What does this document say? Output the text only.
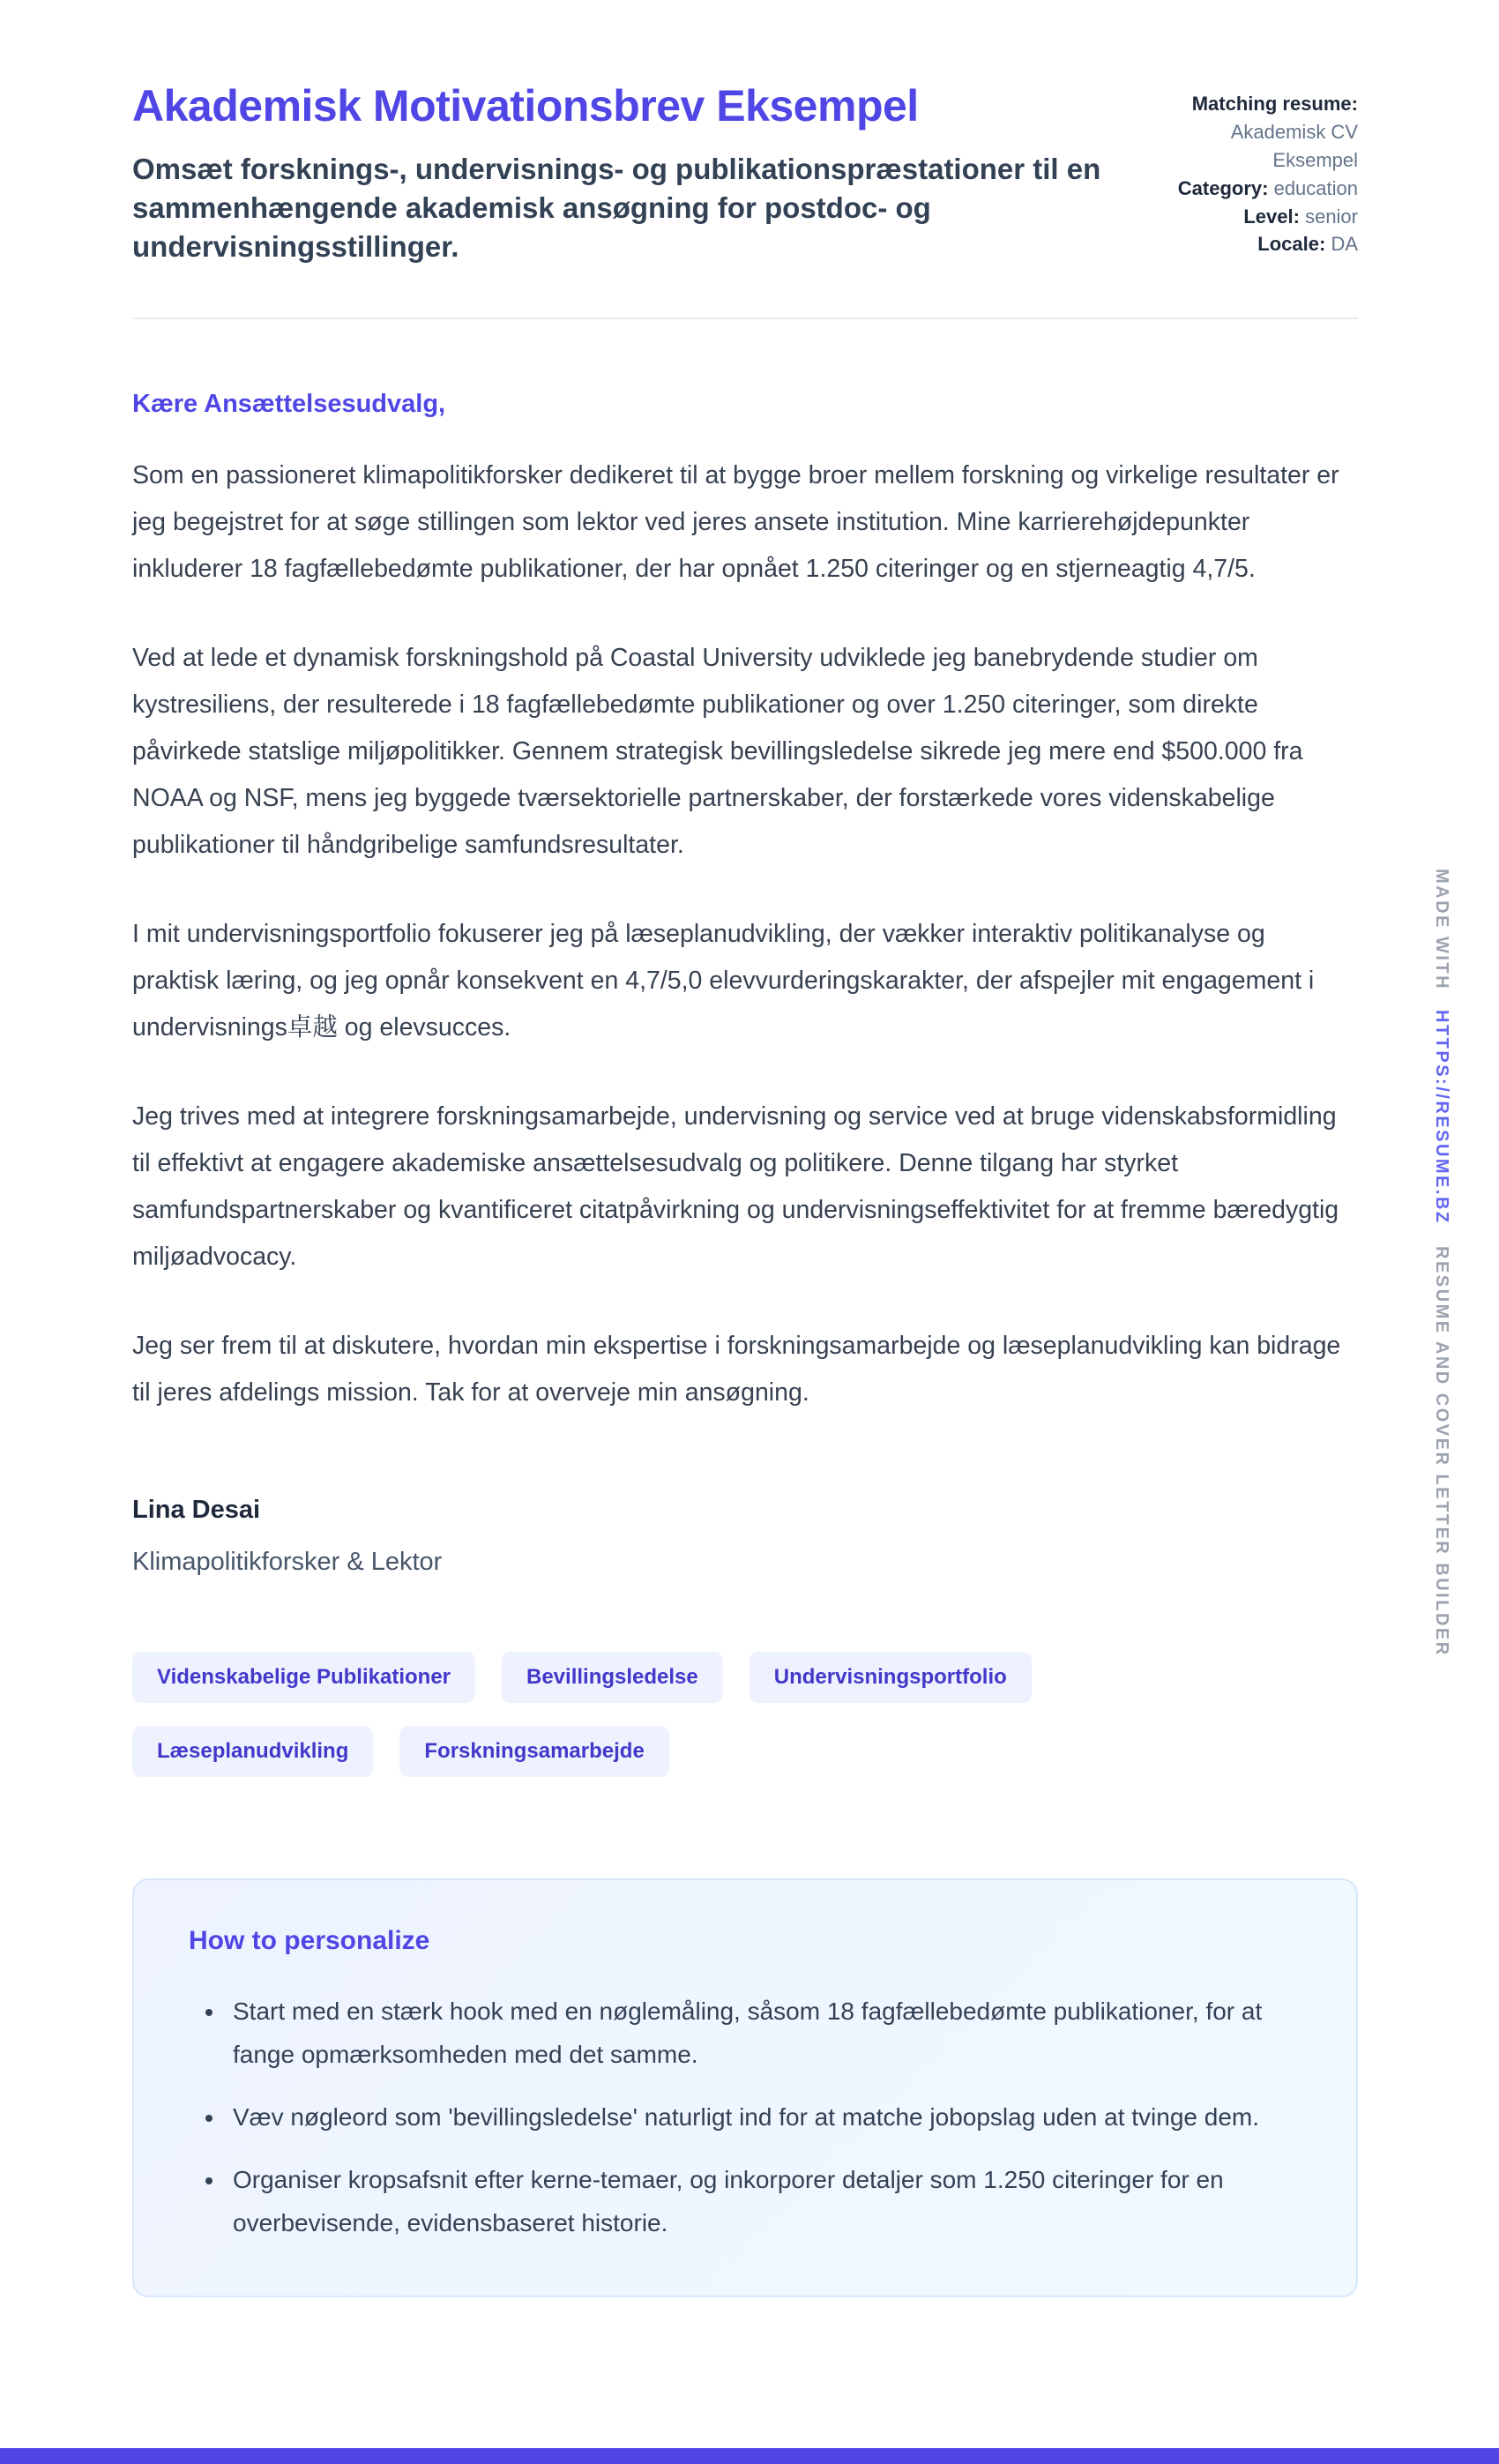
Akademisk Motivationsbrev Eksempel

Omsæt forsknings-, undervisnings- og publikationspræstationer til en sammenhængende akademisk ansøgning for postdoc- og undervisningsstillinger.

Matching resume: Akademisk CV Eksempel
Category: education
Level: senior
Locale: DA

Kære Ansættelsesudvalg,

Som en passioneret klimapolitikforsker dedikeret til at bygge broer mellem forskning og virkelige resultater er jeg begejstret for at søge stillingen som lektor ved jeres ansete institution. Mine karrierehøjdepunkter inkluderer 18 fagfællebedømte publikationer, der har opnået 1.250 citeringer og en stjerneagtig 4,7/5.

Ved at lede et dynamisk forskningshold på Coastal University udviklede jeg banebrydende studier om kystresiliens, der resulterede i 18 fagfællebedømte publikationer og over 1.250 citeringer, som direkte påvirkede statslige miljøpolitikker. Gennem strategisk bevillingsledelse sikrede jeg mere end $500.000 fra NOAA og NSF, mens jeg byggede tværsektorielle partnerskaber, der forstærkede vores videnskabelige publikationer til håndgribelige samfundsresultater.

I mit undervisningsportfolio fokuserer jeg på læseplanudvikling, der vækker interaktiv politikanalyse og praktisk læring, og jeg opnår konsekvent en 4,7/5,0 elevvurderingskarakter, der afspejler mit engagement i undervisnings卓越 og elevsucces.

Jeg trives med at integrere forskningsamarbejde, undervisning og service ved at bruge videnskabsformidling til effektivt at engagere akademiske ansættelsesudvalg og politikere. Denne tilgang har styrket samfundspartnerskaber og kvantificeret citatpåvirkning og undervisningseffektivitet for at fremme bæredygtig miljøadvocacy.

Jeg ser frem til at diskutere, hvordan min ekspertise i forskningsamarbejde og læseplanudvikling kan bidrage til jeres afdelings mission. Tak for at overveje min ansøgning.

Lina Desai

Klimapolitikforsker & Lektor

Videnskabelige Publikationer	Bevillingsledelse	Undervisningsportfolio
Læseplanudvikling	Forskningsamarbejde
How to personalize
• Start med en stærk hook med en nøglemåling, såsom 18 fagfællebedømte publikationer, for at fange opmærksomheden med det samme.
• Væv nøgleord som 'bevillingsledelse' naturligt ind for at matche jobopslag uden at tvinge dem.
• Organiser kropsafsnit efter kerne-temaer, og inkorporer detaljer som 1.250 citeringer for en overbevisende, evidensbaseret historie.
MADE WITH HTTPS://RESUME.BZ RESUME AND COVER LETTER BUILDER
